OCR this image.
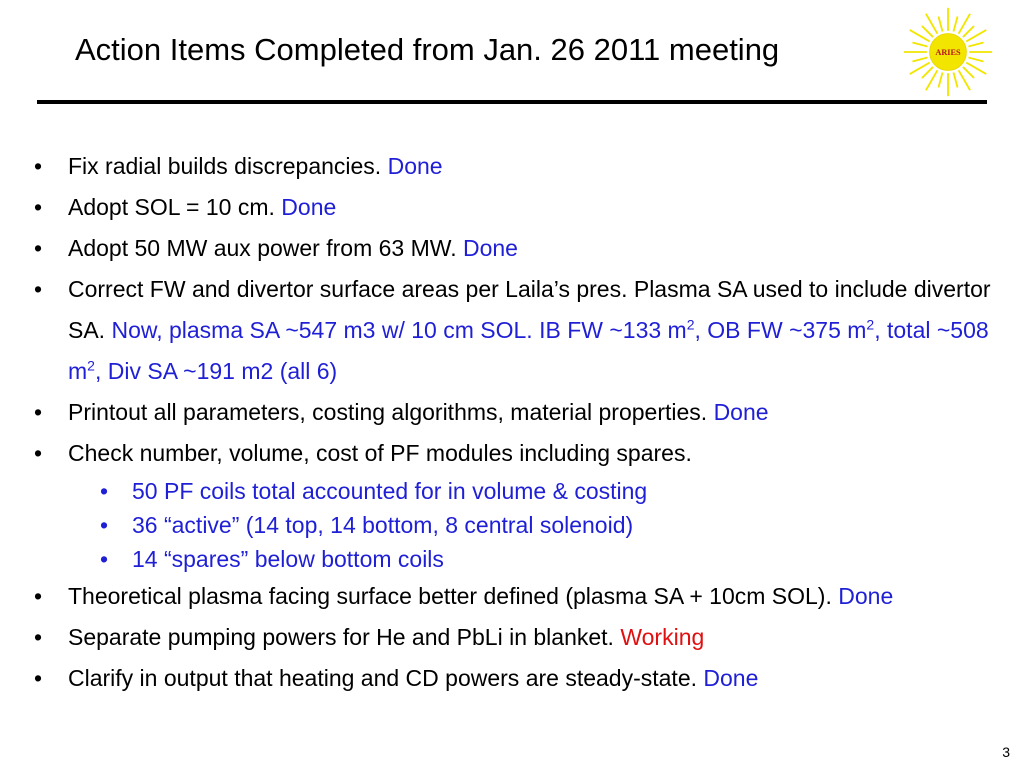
Action Items Completed from Jan. 26 2011 meeting	ARIES
• Fix radial builds discrepancies. Done
• Adopt SOL = 10 cm. Done
• Adopt 50 MW aux power from 63 MW. Done
• Correct FW and divertor surface areas per Laila’s pres. Plasma SA used to include divertor SA. Now, plasma SA ~547 m3 w/ 10 cm SOL. IB FW ~133 $m^2$, OB FW ~375 $m^2$, total ~508 $m^2$, Div SA ~191 m2 (all 6)
• Printout all parameters, costing algorithms, material properties. Done
• Check number, volume, cost of PF modules including spares.
• 50 PF coils total accounted for in volume & costing
• 36 “active” (14 top, 14 bottom, 8 central solenoid)
• 14 “spares” below bottom coils
• Theoretical plasma facing surface better defined (plasma SA + 10cm SOL). Done
• Separate pumping powers for He and PbLi in blanket. Working
• Clarify in output that heating and CD powers are steady-state. Done
3
